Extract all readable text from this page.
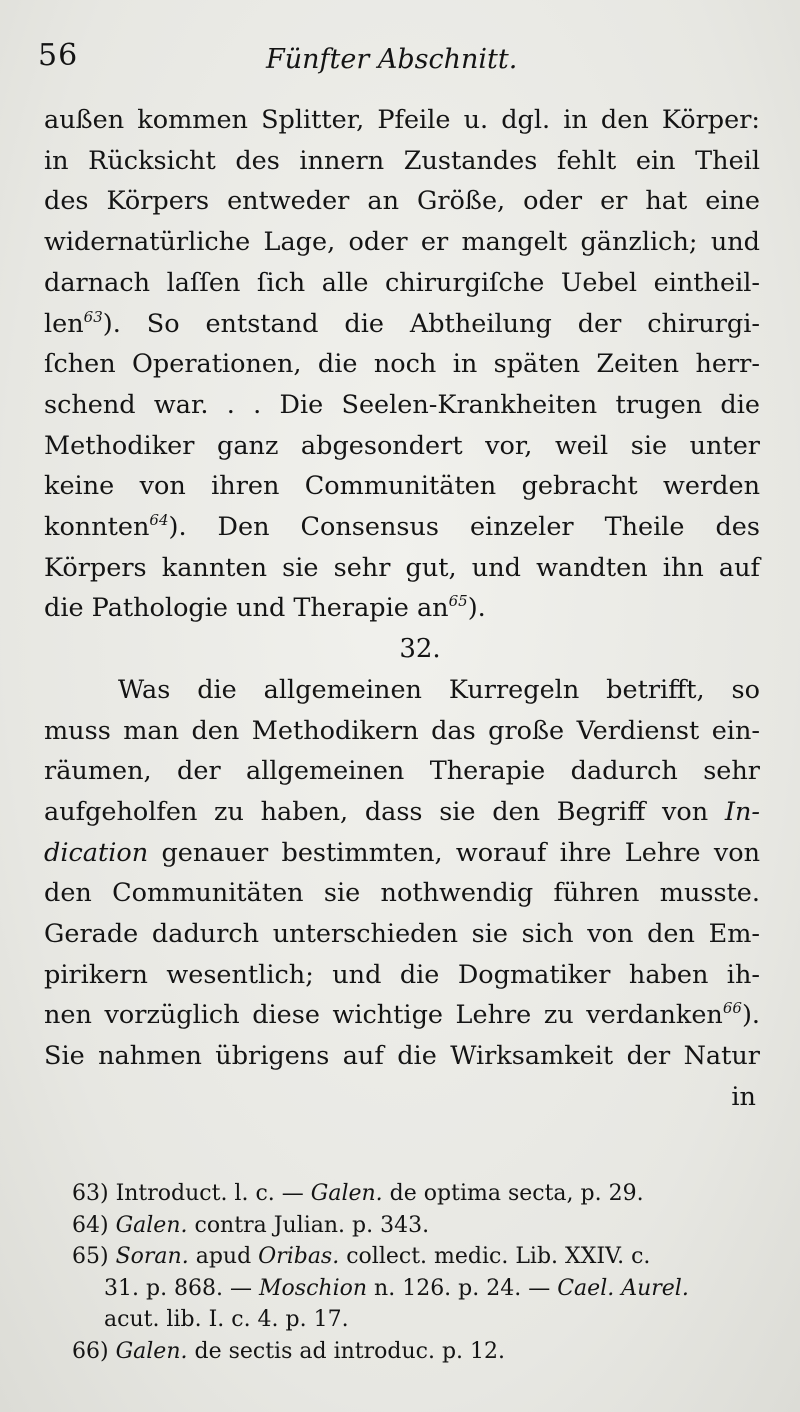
56	Fünfter Abschnitt.
außen kommen Splitter, Pfeile u. dgl. in den Körper:
in Rücksicht des innern Zustandes fehlt ein Theil
des Körpers entweder an Größe, oder er hat eine
widernatürliche Lage, oder er mangelt gänzlich; und
darnach laſſen ſich alle chirurgiſche Uebel eintheil-
len$^{63}$). So entstand die Abtheilung der chirurgi-
ſchen Operationen, die noch in späten Zeiten herr-
schend war. . . Die Seelen-Krankheiten trugen die
Methodiker ganz abgesondert vor, weil sie unter
keine von ihren Communitäten gebracht werden
konnten$^{64}$). Den Consensus einzeler Theile des
Körpers kannten sie sehr gut, und wandten ihn auf
die Pathologie und Therapie $an^{65}$).
32.
Was die allgemeinen Kurregeln betrifft, so
muss man den Methodikern das große Verdienst ein-
räumen, der allgemeinen Therapie dadurch sehr
aufgeholfen zu haben, dass sie den Begriff von In-
dication genauer bestimmten, worauf ihre Lehre von
den Communitäten sie nothwendig führen musste.
Gerade dadurch unterschieden sie sich von den Em-
pirikern wesentlich; und die Dogmatiker haben ih-
nen vorzüglich diese wichtige Lehre zu verdanken$^{66}$).
Sie nahmen übrigens auf die Wirksamkeit der Natur
in
63) Introduct. l. c. — Galen. de optima secta, p. 29.
64) Galen. contra Julian. p. 343.
65) Soran. apud Oribas. collect. medic. Lib. XXIV. c.
31. p. 868. — Moschion n. 126. p. 24. — Cael. Aurel.
acut. lib. I. c. 4. p. 17.
66) Galen. de sectis ad introduc. p. 12.
